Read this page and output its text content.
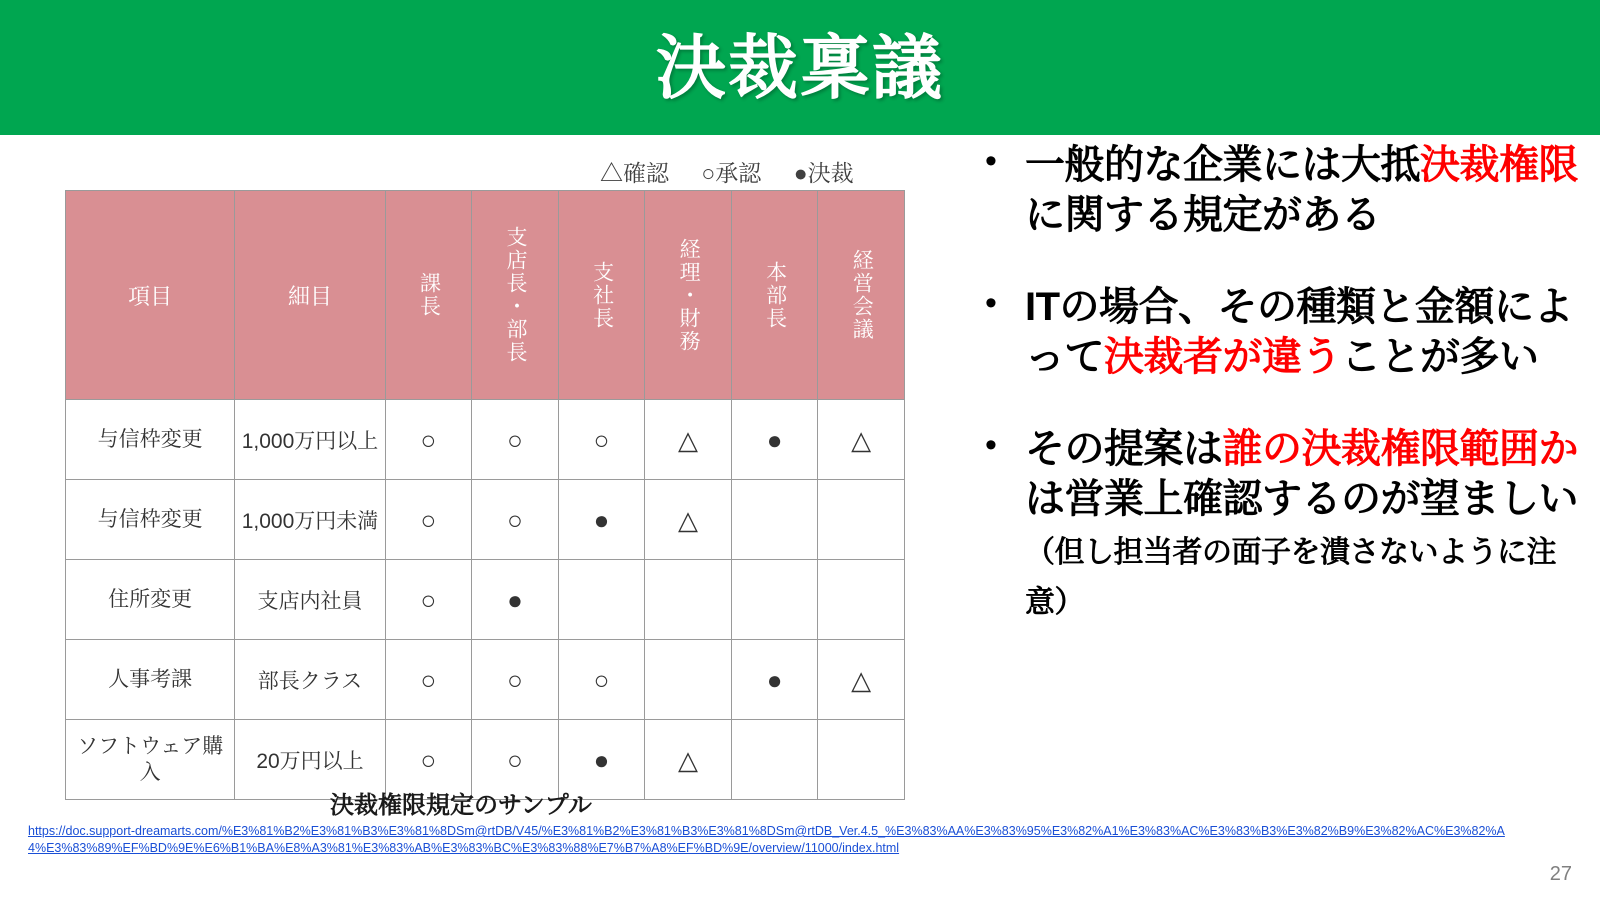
決裁稟議
△確認 ○承認 ●決裁
項目	細目	課長	支店長・部長	支社長	経理・財務	本部長	経営会議
与信枠変更	1,000万円以上	○	○	○	△	●	△
与信枠変更	1,000万円未満	○	○	●	△		
住所変更	支店内社員	○	●				
人事考課	部長クラス	○	○	○		●	△
ソフトウェア購入	20万円以上	○	○	●	△		
決裁権限規定のサンプル
• 一般的な企業には大抵決裁権限に関する規定がある
• ITの場合、その種類と金額によって決裁者が違うことが多い
• その提案は誰の決裁権限範囲かは営業上確認するのが望ましい（但し担当者の面子を潰さないように注意）
https://doc.support-dreamarts.com/%E3%81%B2%E3%81%B3%E3%81%8DSm@rtDB/V45/%E3%81%B2%E3%81%B3%E3%81%8DSm@rtDB_Ver.4.5_%E3%83%AA%E3%83%95%E3%82%A1%E3%83%AC%E3%83%B3%E3%82%B9%E3%82%AC%E3%82%A4%E3%83%89%EF%BD%9E%E6%B1%BA%E8%A3%81%E3%83%AB%E3%83%BC%E3%83%88%E7%B7%A8%EF%BD%9E/overview/11000/index.html
27
